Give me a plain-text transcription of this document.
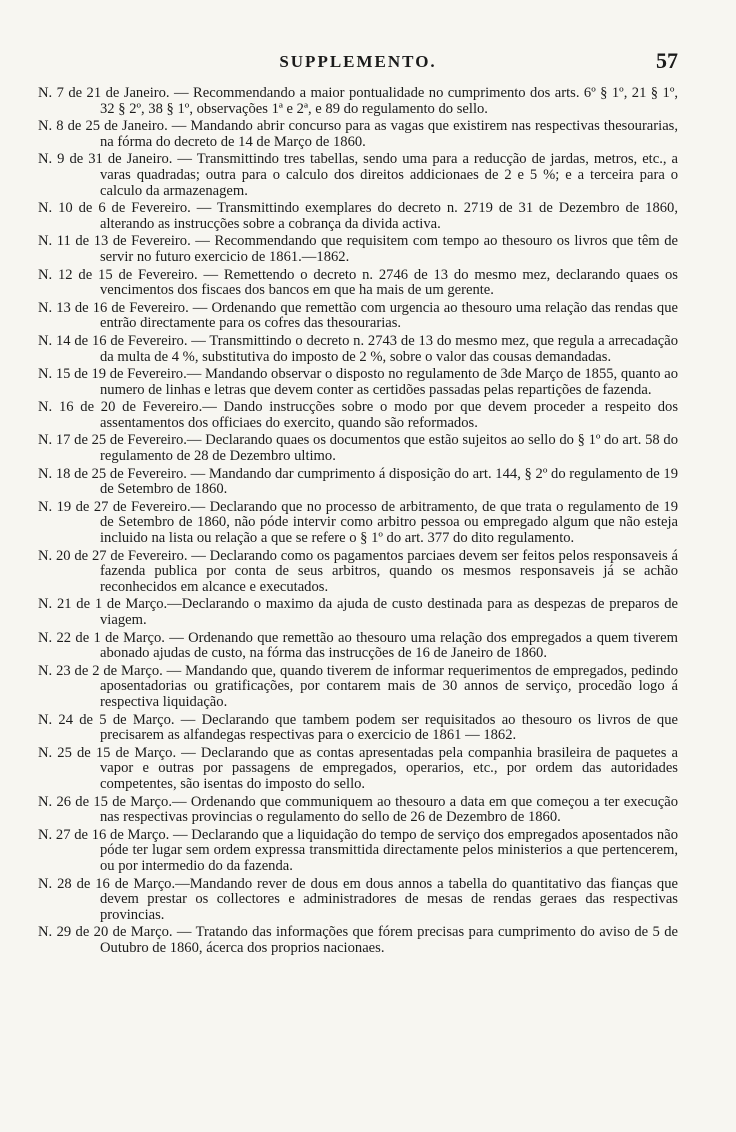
SUPPLEMENTO.	57

N. 7 de 21 de Janeiro. — Recommendando a maior pontualidade no cumprimento dos arts. 6º § 1º, 21 § 1º, 32 § 2º, 38 § 1º, observações 1ª e 2ª, e 89 do regulamento do sello.

N. 8 de 25 de Janeiro. — Mandando abrir concurso para as vagas que existirem nas respectivas thesourarias, na fórma do decreto de 14 de Março de 1860.

N. 9 de 31 de Janeiro. — Transmittindo tres tabellas, sendo uma para a reducção de jardas, metros, etc., a varas quadradas; outra para o calculo dos direitos addicionaes de 2 e 5 %; e a terceira para o calculo da armazenagem.

N. 10 de 6 de Fevereiro. — Transmittindo exemplares do decreto n. 2719 de 31 de Dezembro de 1860, alterando as instrucções sobre a cobrança da divida activa.

N. 11 de 13 de Fevereiro. — Recommendando que requisitem com tempo ao thesouro os livros que têm de servir no futuro exercicio de 1861.—1862.

N. 12 de 15 de Fevereiro. — Remettendo o decreto n. 2746 de 13 do mesmo mez, declarando quaes os vencimentos dos fiscaes dos bancos em que ha mais de um gerente.

N. 13 de 16 de Fevereiro. — Ordenando que remettão com urgencia ao thesouro uma relação das rendas que entrão directamente para os cofres das thesourarias.

N. 14 de 16 de Fevereiro. — Transmittindo o decreto n. 2743 de 13 do mesmo mez, que regula a arrecadação da multa de 4 %, substitutiva do imposto de 2 %, sobre o valor das cousas demandadas.

N. 15 de 19 de Fevereiro.— Mandando observar o disposto no regulamento de 3de Março de 1855, quanto ao numero de linhas e letras que devem conter as certidões passadas pelas repartições de fazenda.

N. 16 de 20 de Fevereiro.— Dando instrucções sobre o modo por que devem proceder a respeito dos assentamentos dos officiaes do exercito, quando são reformados.

N. 17 de 25 de Fevereiro.— Declarando quaes os documentos que estão sujeitos ao sello do § 1º do art. 58 do regulamento de 28 de Dezembro ultimo.

N. 18 de 25 de Fevereiro. — Mandando dar cumprimento á disposição do art. 144, § 2º do regulamento de 19 de Setembro de 1860.

N. 19 de 27 de Fevereiro.— Declarando que no processo de arbitramento, de que trata o regulamento de 19 de Setembro de 1860, não póde intervir como arbitro pessoa ou empregado algum que não esteja incluido na lista ou relação a que se refere o § 1º do art. 377 do dito regulamento.

N. 20 de 27 de Fevereiro. — Declarando como os pagamentos parciaes devem ser feitos pelos responsaveis á fazenda publica por conta de seus arbitros, quando os mesmos responsaveis já se achão reconhecidos em alcance e executados.

N. 21 de 1 de Março.—Declarando o maximo da ajuda de custo destinada para as despezas de preparos de viagem.

N. 22 de 1 de Março. — Ordenando que remettão ao thesouro uma relação dos empregados a quem tiverem abonado ajudas de custo, na fórma das instrucções de 16 de Janeiro de 1860.

N. 23 de 2 de Março. — Mandando que, quando tiverem de informar requerimentos de empregados, pedindo aposentadorias ou gratificações, por contarem mais de 30 annos de serviço, procedão logo á respectiva liquidação.

N. 24 de 5 de Março. — Declarando que tambem podem ser requisitados ao thesouro os livros de que precisarem as alfandegas respectivas para o exercicio de 1861 — 1862.

N. 25 de 15 de Março. — Declarando que as contas apresentadas pela companhia brasileira de paquetes a vapor e outras por passagens de empregados, operarios, etc., por ordem das autoridades competentes, são isentas do imposto do sello.

N. 26 de 15 de Março.— Ordenando que communiquem ao thesouro a data em que começou a ter execução nas respectivas provincias o regulamento do sello de 26 de Dezembro de 1860.

N. 27 de 16 de Março. — Declarando que a liquidação do tempo de serviço dos empregados aposentados não póde ter lugar sem ordem expressa transmittida directamente pelos ministerios a que pertencerem, ou por intermedio do da fazenda.

N. 28 de 16 de Março.—Mandando rever de dous em dous annos a tabella do quantitativo das fianças que devem prestar os collectores e administradores de mesas de rendas geraes das respectivas provincias.

N. 29 de 20 de Março. — Tratando das informações que fórem precisas para cumprimento do aviso de 5 de Outubro de 1860, ácerca dos proprios nacionaes.
